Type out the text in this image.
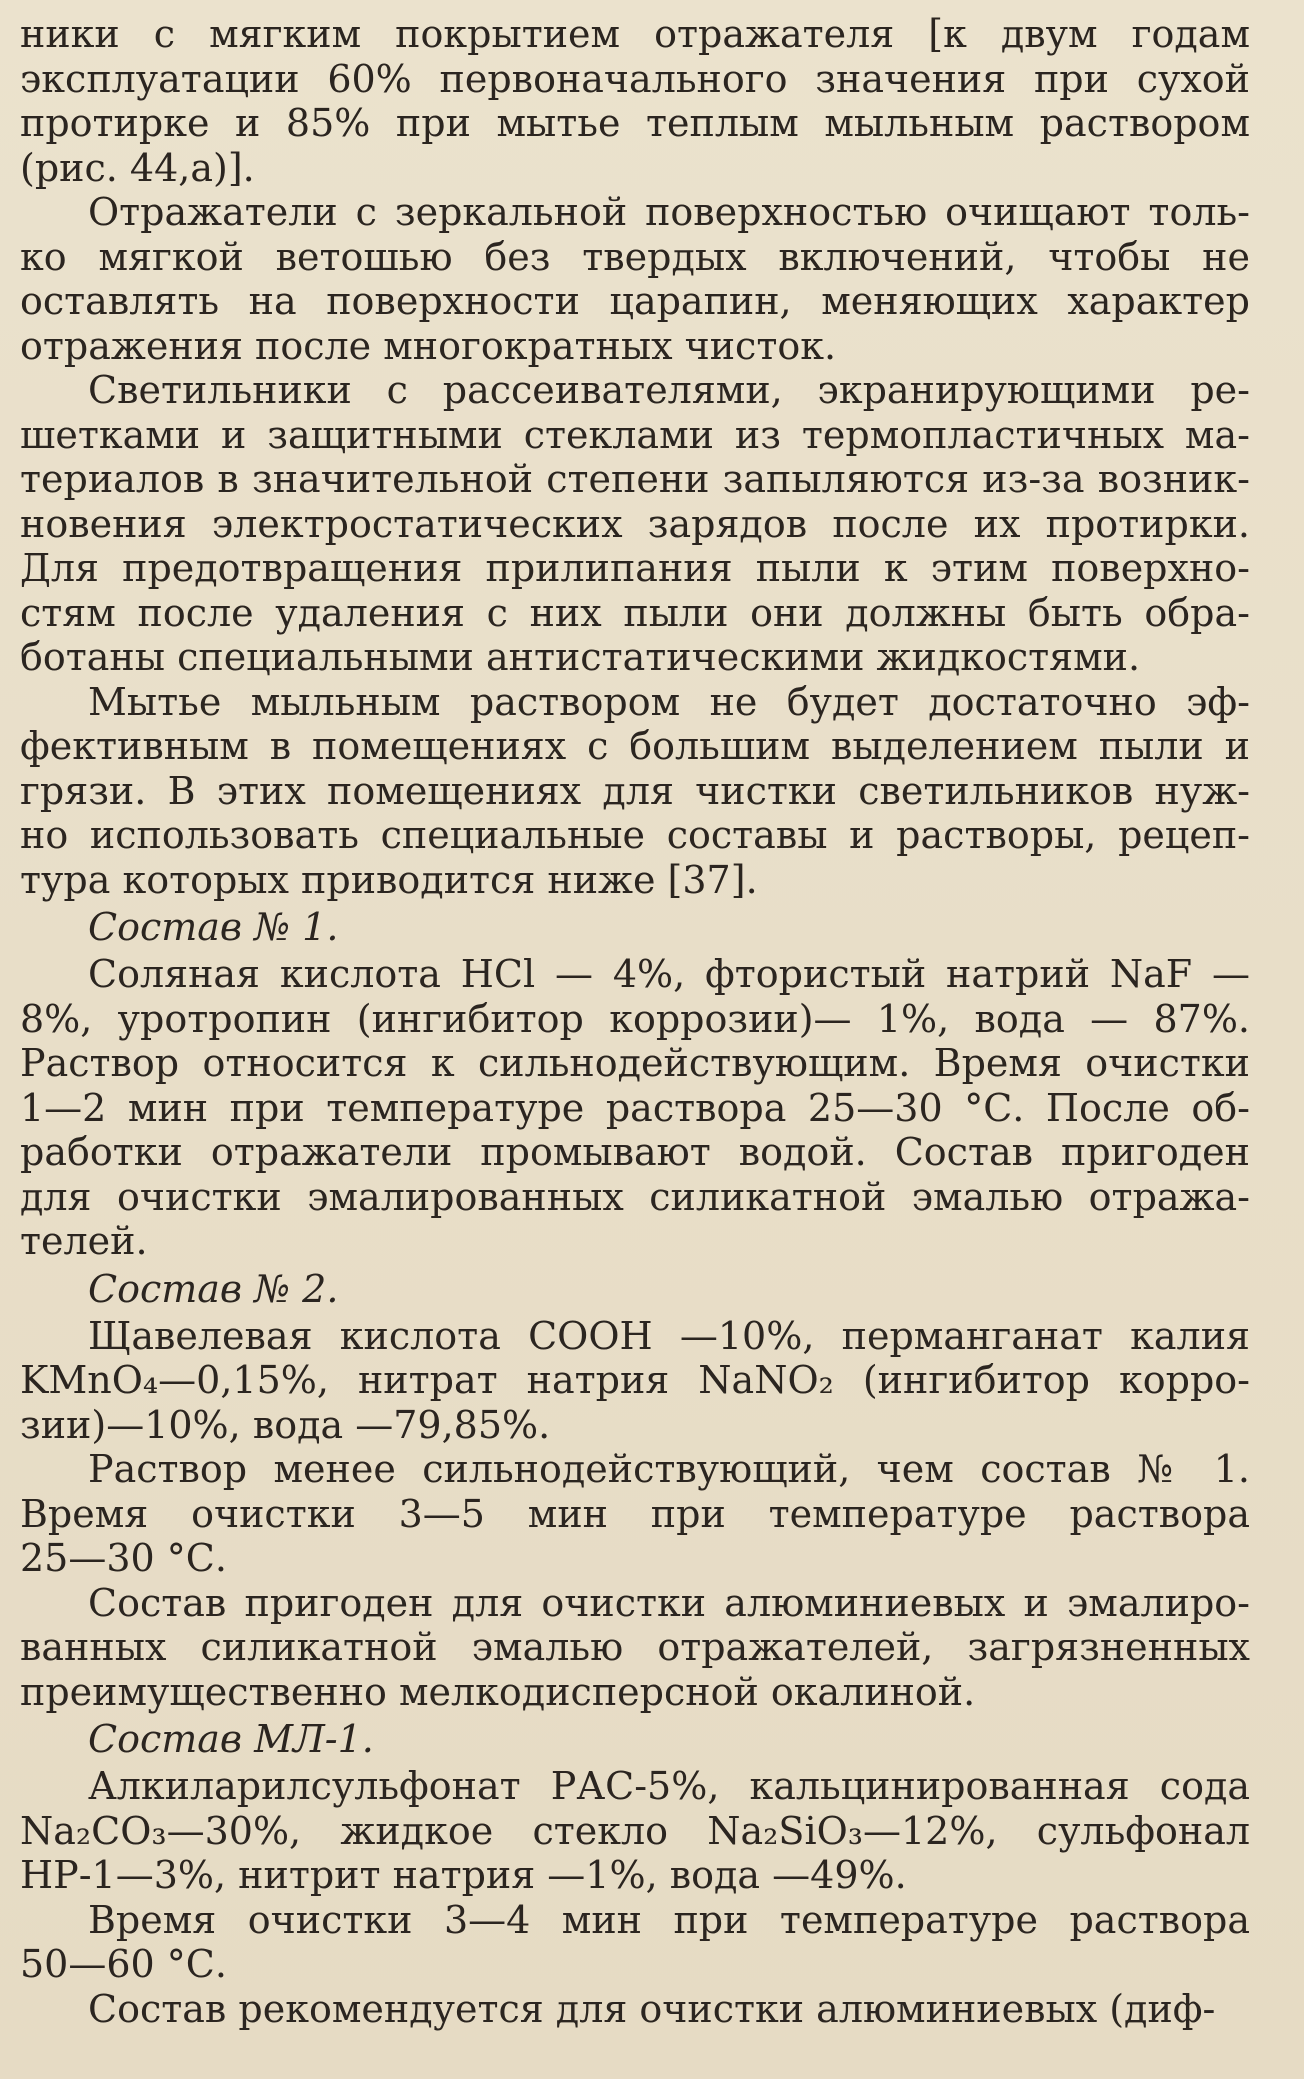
ники с мягким покрытием отражателя [к двум годам
эксплуатации 60% первоначального значения при сухой
протирке и 85% при мытье теплым мыльным раствором
(рис. 44,а)].
Отражатели с зеркальной поверхностью очищают толь-
ко мягкой ветошью без твердых включений, чтобы не
оставлять на поверхности царапин, меняющих характер
отражения после многократных чисток.
Светильники с рассеивателями, экранирующими ре-
шетками и защитными стеклами из термопластичных ма-
териалов в значительной степени запыляются из-за возник-
новения электростатических зарядов после их протирки.
Для предотвращения прилипания пыли к этим поверхно-
стям после удаления с них пыли они должны быть обра-
ботаны специальными антистатическими жидкостями.
Мытье мыльным раствором не будет достаточно эф-
фективным в помещениях с большим выделением пыли и
грязи. В этих помещениях для чистки светильников нуж-
но использовать специальные составы и растворы, рецеп-
тура которых приводится ниже [37].
Состав № 1.
Соляная кислота HCl — 4%, фтористый натрий NaF —
8%, уротропин (ингибитор коррозии)— 1%, вода — 87%.
Раствор относится к сильнодействующим. Время очистки
1—2 мин при температуре раствора 25—30 °С. После об-
работки отражатели промывают водой. Состав пригоден
для очистки эмалированных силикатной эмалью отража-
телей.
Состав № 2.
Щавелевая кислота СООН —10%, перманганат калия
KMnO₄—0,15%, нитрат натрия NaNO₂ (ингибитор корро-
зии)—10%, вода —79,85%.
Раствор менее сильнодействующий, чем состав № 1.
Время очистки 3—5 мин при температуре раствора
25—30 °С.
Состав пригоден для очистки алюминиевых и эмалиро-
ванных силикатной эмалью отражателей, загрязненных
преимущественно мелкодисперсной окалиной.
Состав МЛ-1.
Алкиларилсульфонат РАС-5%, кальцинированная сода
Na₂CO₃—30%, жидкое стекло Na₂SiO₃—12%, сульфонал
НР-1—3%, нитрит натрия —1%, вода —49%.
Время очистки 3—4 мин при температуре раствора
50—60 °С.
Состав рекомендуется для очистки алюминиевых (диф-
